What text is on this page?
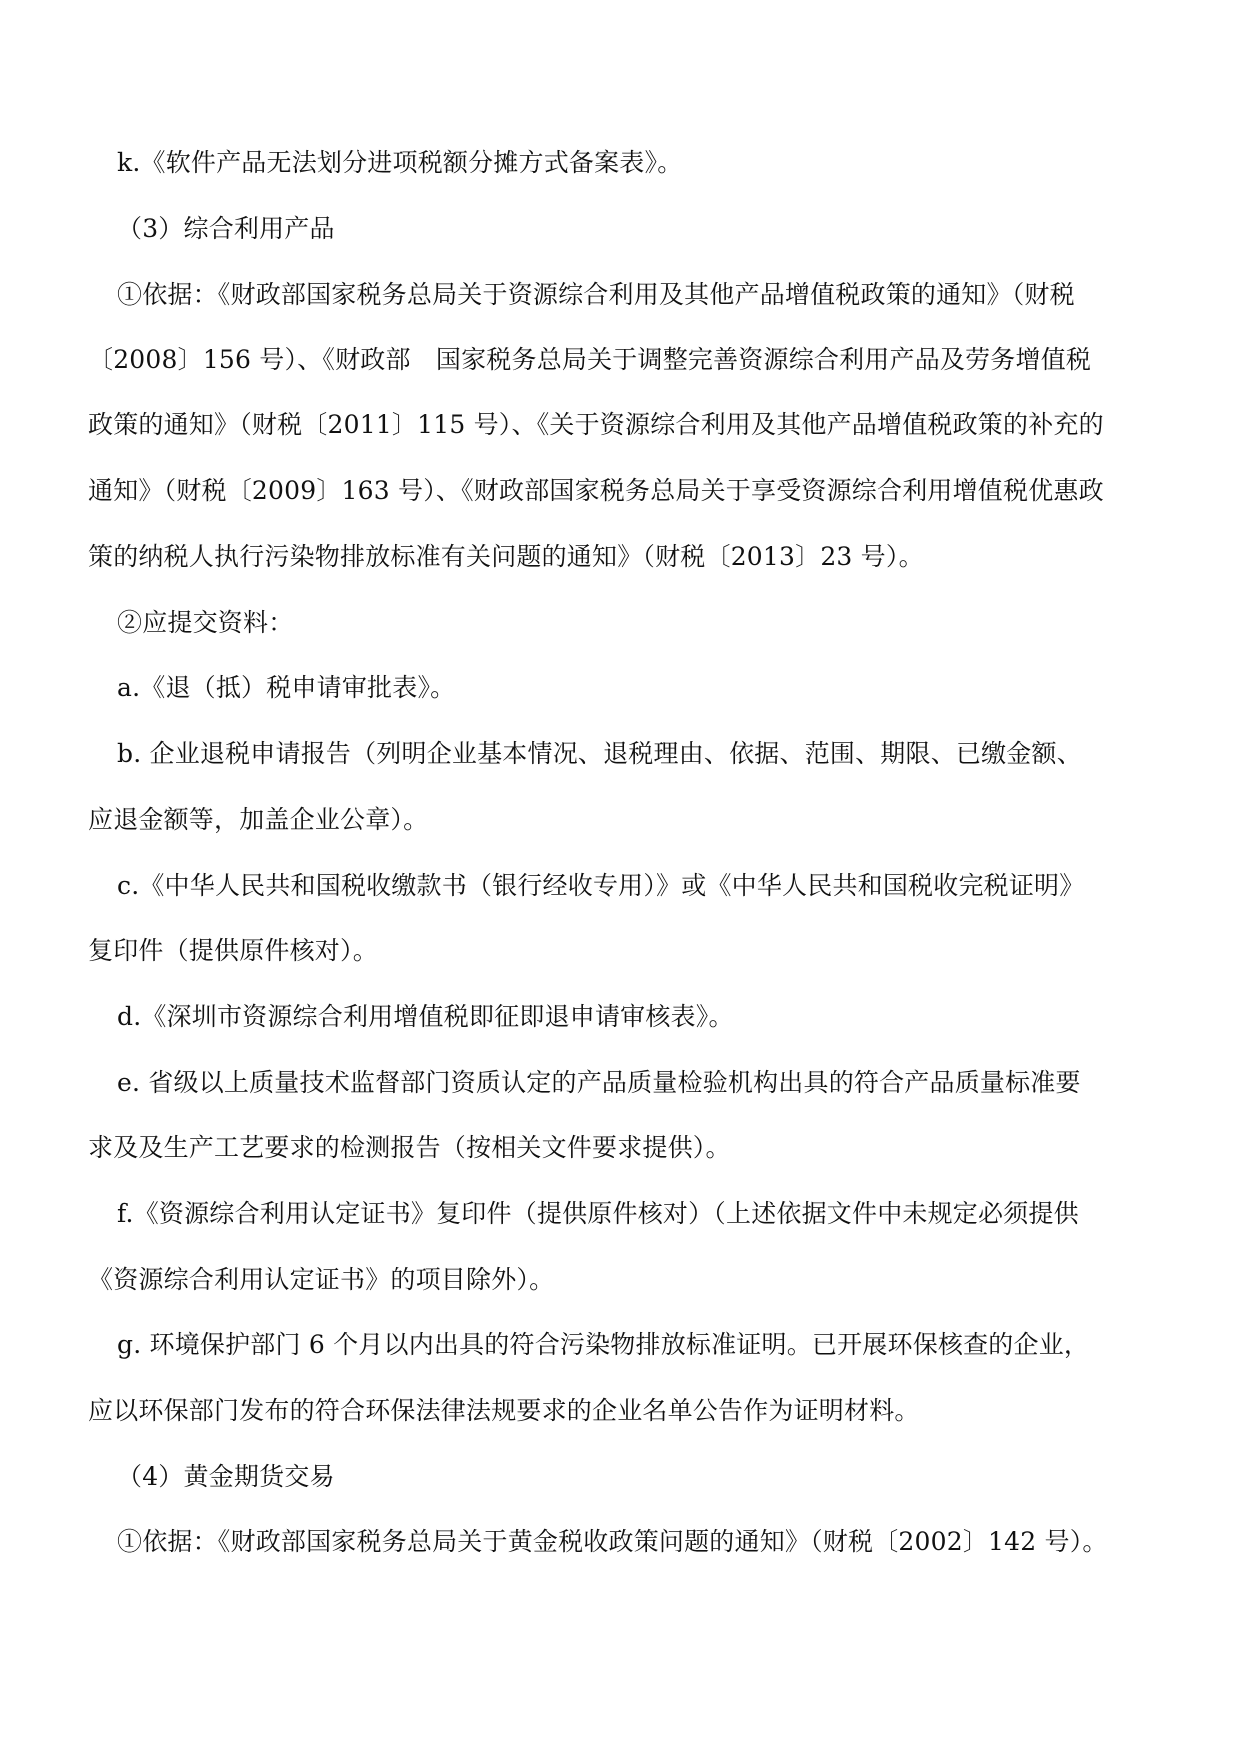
k.《软件产品无法划分进项税额分摊方式备案表》。
（3）综合利用产品
①依据：《财政部国家税务总局关于资源综合利用及其他产品增值税政策的通知》（财税
〔2008〕156 号）、《财政部　国家税务总局关于调整完善资源综合利用产品及劳务增值税
政策的通知》（财税〔2011〕115 号）、《关于资源综合利用及其他产品增值税政策的补充的
通知》（财税〔2009〕163 号）、《财政部国家税务总局关于享受资源综合利用增值税优惠政
策的纳税人执行污染物排放标准有关问题的通知》（财税〔2013〕23 号）。
②应提交资料：
a.《退（抵）税申请审批表》。
b. 企业退税申请报告（列明企业基本情况、退税理由、依据、范围、期限、已缴金额、
应退金额等，加盖企业公章）。
c.《中华人民共和国税收缴款书（银行经收专用）》或《中华人民共和国税收完税证明》
复印件（提供原件核对）。
d.《深圳市资源综合利用增值税即征即退申请审核表》。
e. 省级以上质量技术监督部门资质认定的产品质量检验机构出具的符合产品质量标准要
求及及生产工艺要求的检测报告（按相关文件要求提供）。
f.《资源综合利用认定证书》复印件（提供原件核对）（上述依据文件中未规定必须提供
《资源综合利用认定证书》的项目除外）。
g. 环境保护部门 6 个月以内出具的符合污染物排放标准证明。已开展环保核查的企业，
应以环保部门发布的符合环保法律法规要求的企业名单公告作为证明材料。
（4）黄金期货交易
①依据：《财政部国家税务总局关于黄金税收政策问题的通知》（财税〔2002〕142 号）。
